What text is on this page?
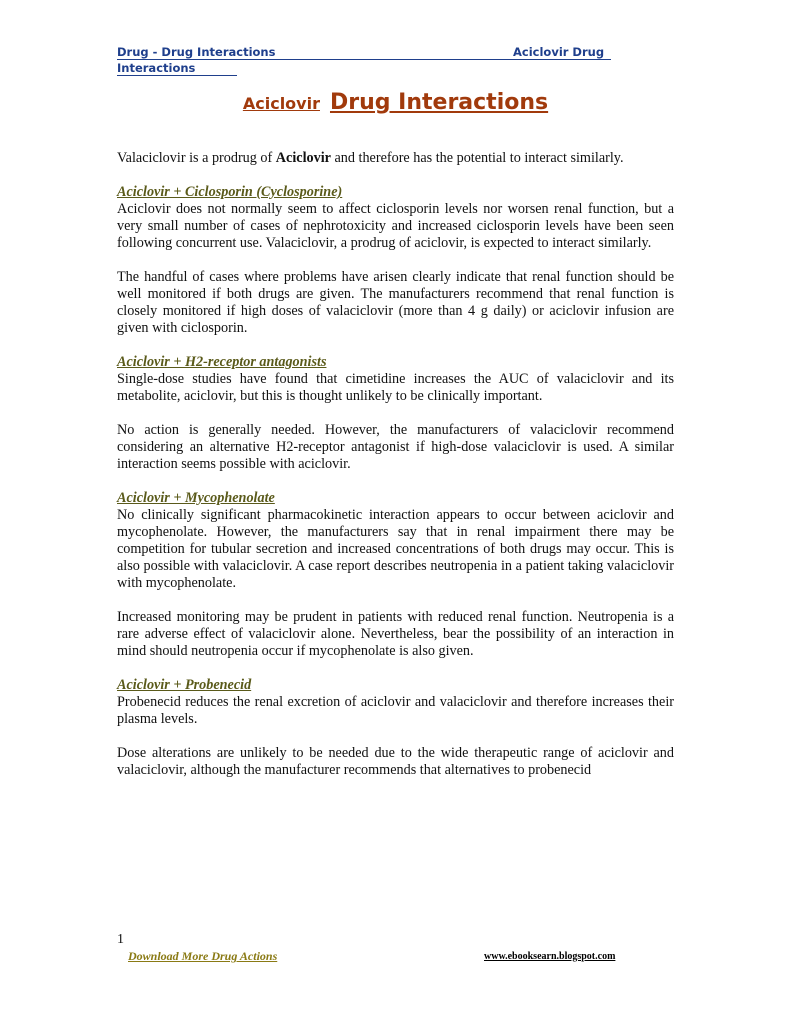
Drug - Drug Interactions	Aciclovir Drug
Interactions
Aciclovir Drug Interactions

Valaciclovir is a prodrug of Aciclovir and therefore has the potential to interact similarly.

Aciclovir + Ciclosporin (Cyclosporine)

Aciclovir does not normally seem to affect ciclosporin levels nor worsen renal function, but a very small number of cases of nephrotoxicity and increased ciclosporin levels have been seen following concurrent use. Valaciclovir, a prodrug of aciclovir, is expected to interact similarly.

The handful of cases where problems have arisen clearly indicate that renal function should be well monitored if both drugs are given. The manufacturers recommend that renal function is closely monitored if high doses of valaciclovir (more than 4 g daily) or aciclovir infusion are given with ciclosporin.

Aciclovir + H2-receptor antagonists

Single-dose studies have found that cimetidine increases the AUC of valaciclovir and its metabolite, aciclovir, but this is thought unlikely to be clinically important.

No action is generally needed. However, the manufacturers of valaciclovir recommend considering an alternative H2-receptor antagonist if high-dose valaciclovir is used. A similar interaction seems possible with aciclovir.

Aciclovir + Mycophenolate

No clinically significant pharmacokinetic interaction appears to occur between aciclovir and mycophenolate. However, the manufacturers say that in renal impairment there may be competition for tubular secretion and increased concentrations of both drugs may occur. This is also possible with valaciclovir. A case report describes neutropenia in a patient taking valaciclovir with mycophenolate.

Increased monitoring may be prudent in patients with reduced renal function. Neutropenia is a rare adverse effect of valaciclovir alone. Nevertheless, bear the possibility of an interaction in mind should neutropenia occur if mycophenolate is also given.

Aciclovir + Probenecid

Probenecid reduces the renal excretion of aciclovir and valaciclovir and therefore increases their plasma levels.

Dose alterations are unlikely to be needed due to the wide therapeutic range of aciclovir and valaciclovir, although the manufacturer recommends that alternatives to probenecid

1
Download More Drug Actions	www.ebooksearn.blogspot.com
